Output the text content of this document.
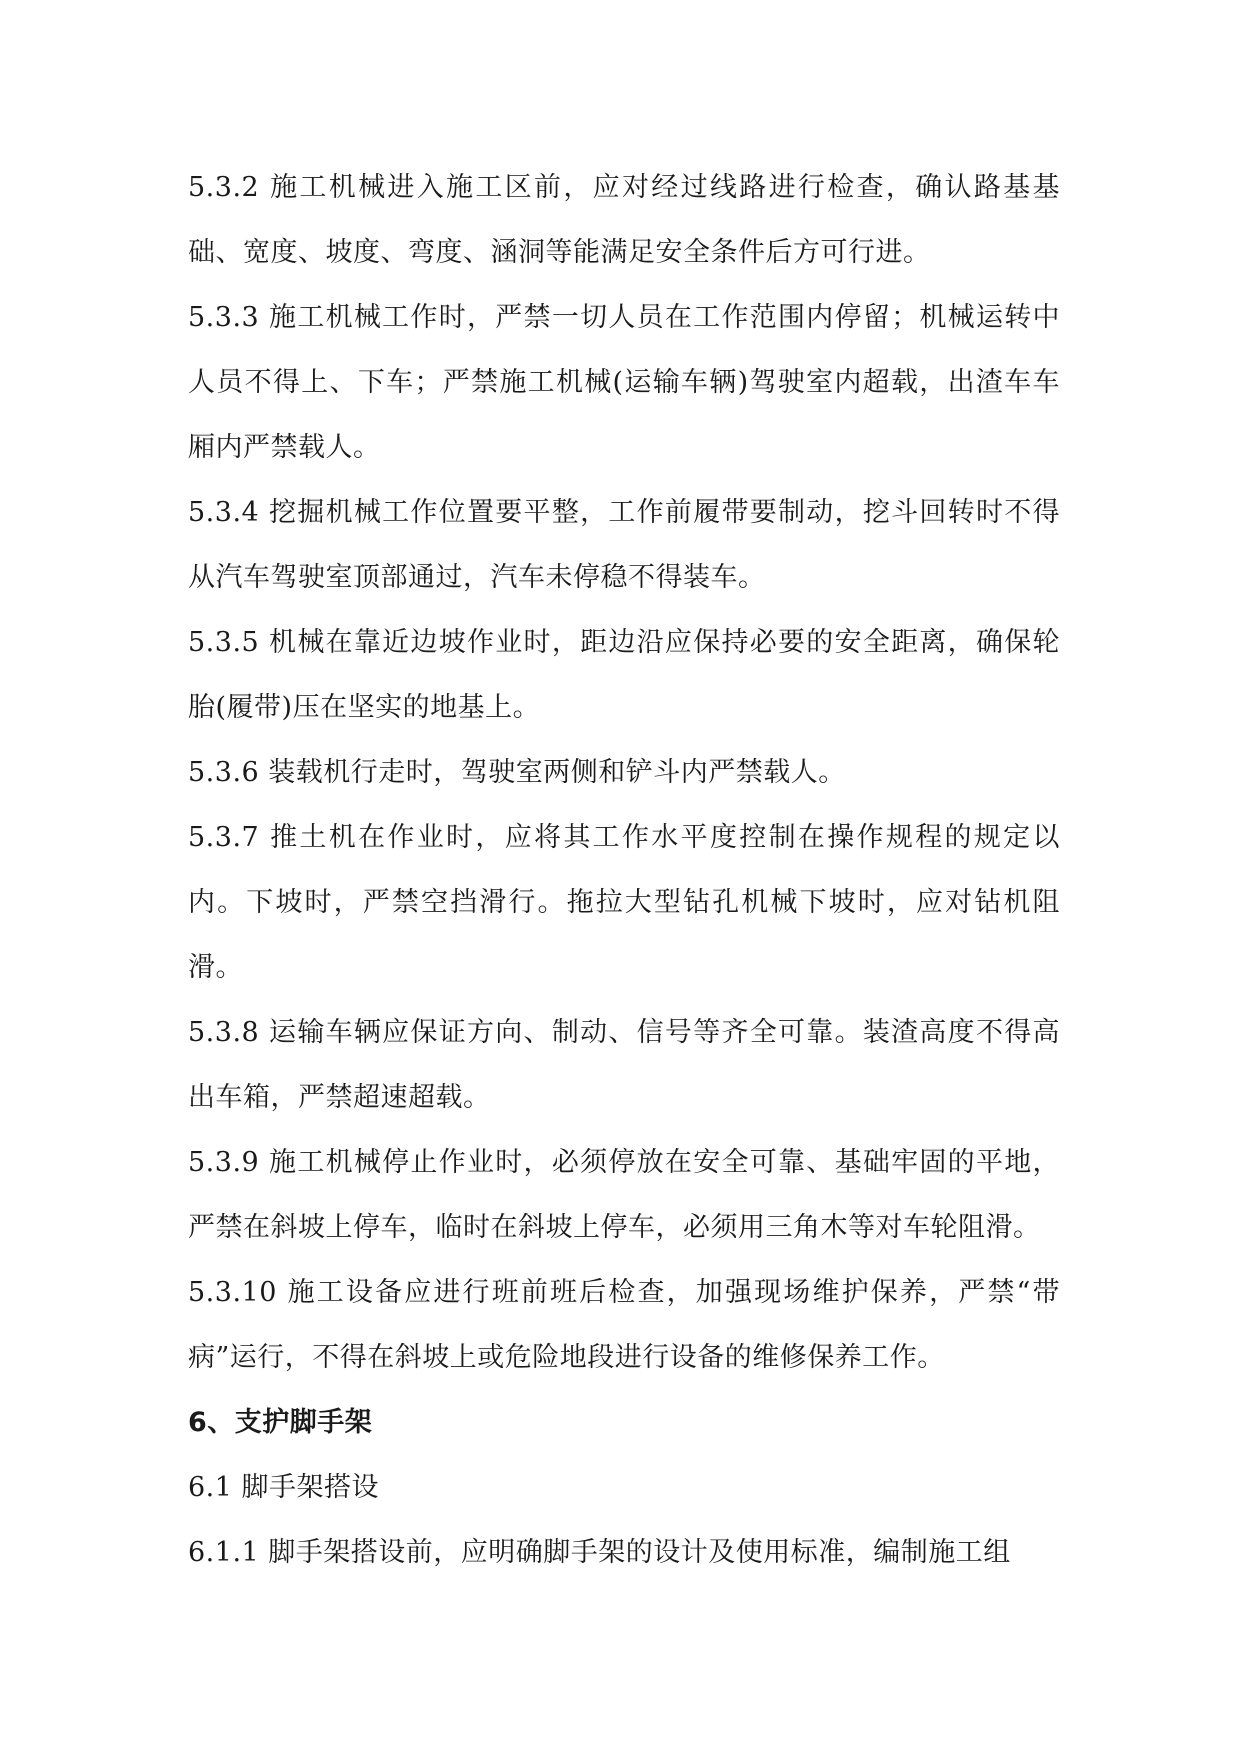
5.3.2 施工机械进入施工区前，应对经过线路进行检查，确认路基基础、宽度、坡度、弯度、涵洞等能满足安全条件后方可行进。

5.3.3 施工机械工作时，严禁一切人员在工作范围内停留；机械运转中人员不得上、下车；严禁施工机械(运输车辆)驾驶室内超载，出渣车车厢内严禁载人。

5.3.4 挖掘机械工作位置要平整，工作前履带要制动，挖斗回转时不得从汽车驾驶室顶部通过，汽车未停稳不得装车。

5.3.5 机械在靠近边坡作业时，距边沿应保持必要的安全距离，确保轮胎(履带)压在坚实的地基上。

5.3.6 装载机行走时，驾驶室两侧和铲斗内严禁载人。

5.3.7 推土机在作业时，应将其工作水平度控制在操作规程的规定以内。下坡时，严禁空挡滑行。拖拉大型钻孔机械下坡时，应对钻机阻滑。

5.3.8 运输车辆应保证方向、制动、信号等齐全可靠。装渣高度不得高出车箱，严禁超速超载。

5.3.9 施工机械停止作业时，必须停放在安全可靠、基础牢固的平地，严禁在斜坡上停车，临时在斜坡上停车，必须用三角木等对车轮阻滑。

5.3.10 施工设备应进行班前班后检查，加强现场维护保养，严禁“带病”运行，不得在斜坡上或危险地段进行设备的维修保养工作。

6、支护脚手架

6.1 脚手架搭设

6.1.1 脚手架搭设前，应明确脚手架的设计及使用标准，编制施工组
